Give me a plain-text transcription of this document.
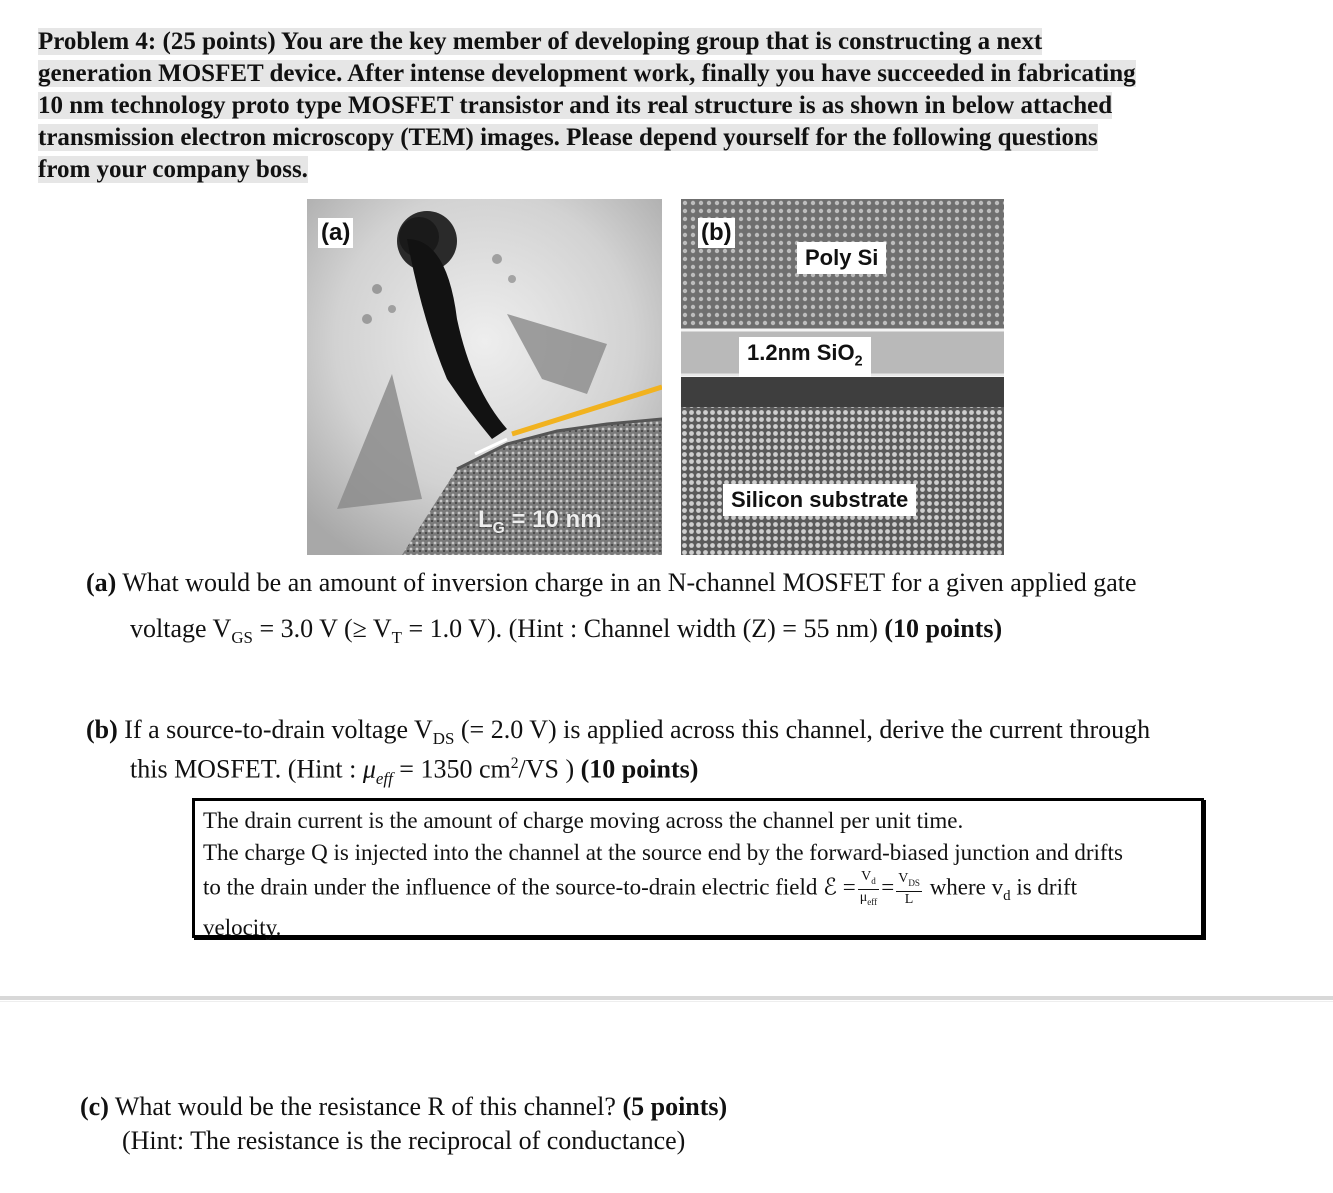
Problem 4: (25 points) You are the key member of developing group that is constructing a next
generation MOSFET device. After intense development work, finally you have succeeded in fabricating
10 nm technology proto type MOSFET transistor and its real structure is as shown in below attached
transmission electron microscopy (TEM) images. Please depend yourself for the following questions
from your company boss.
(a)
$L_G = 10$ nm
(b)
Poly Si
1.2nm SiO$_2$
Silicon substrate
(a) What would be an amount of inversion charge in an N-channel MOSFET for a given applied gate
voltage $V_{GS} = 3.0$ V (≥ $V_T = 1.0$ V). (Hint : Channel width (Z) = 55 nm) (10 points)
(b) If a source-to-drain voltage $V_{DS}$ (= 2.0 V) is applied across this channel, derive the current through
this MOSFET. (Hint : $\mu_{eff} = 1350$ $cm^2/VS$ ) (10 points)
The drain current is the amount of charge moving across the channel per unit time.
The charge Q is injected into the channel at the source end by the forward-biased junction and drifts
to the drain under the influence of the source-to-drain electric field ℰ = $\frac{V_d}{\mu_{eff}} = \frac{V_{DS}}{L}$ where $v_d$ is drift
velocity.
(c) What would be the resistance R of this channel? (5 points)
(Hint: The resistance is the reciprocal of conductance)
